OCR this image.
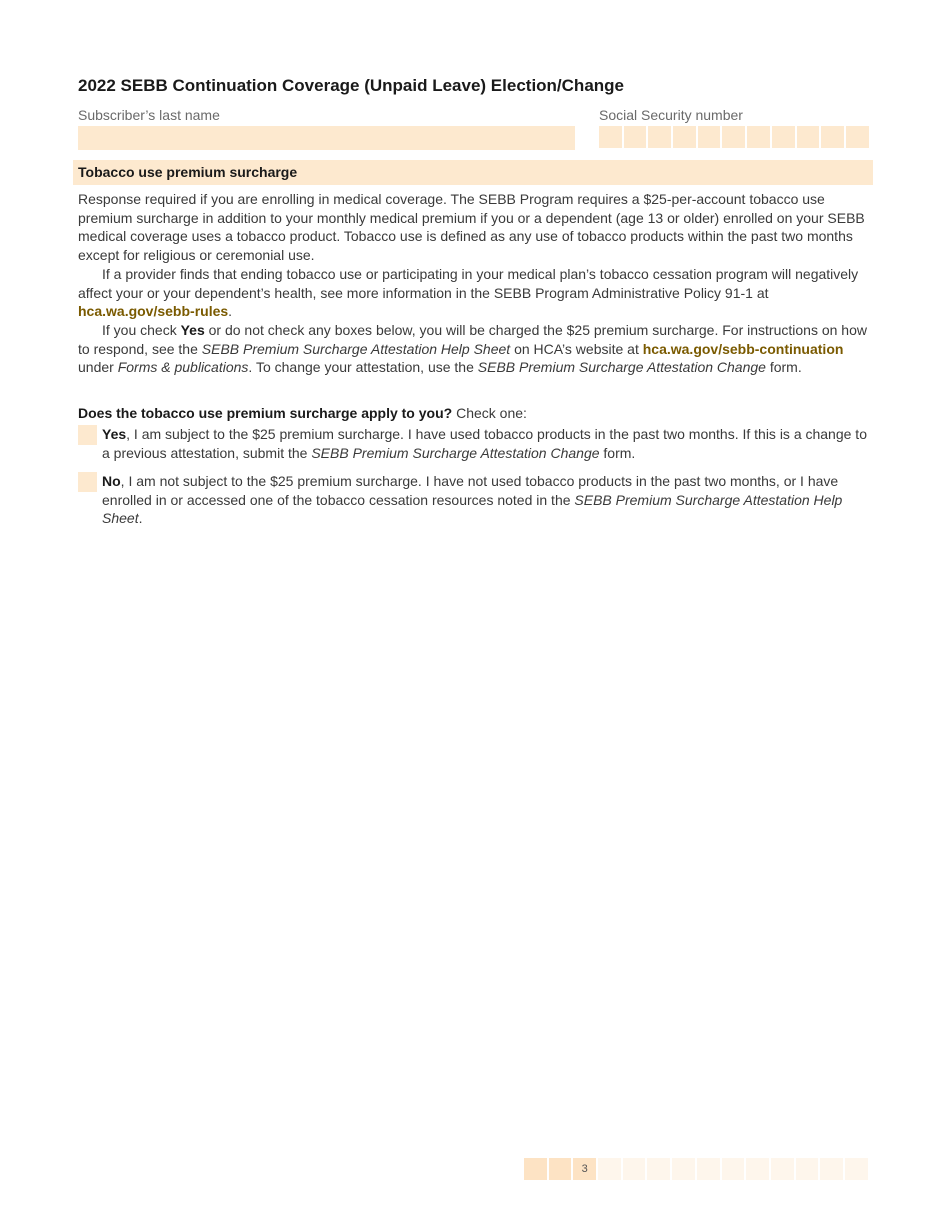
2022 SEBB Continuation Coverage (Unpaid Leave) Election/Change
Subscriber’s last name	Social Security number
Tobacco use premium surcharge

Response required if you are enrolling in medical coverage. The SEBB Program requires a $25-per-account tobacco use premium surcharge in addition to your monthly medical premium if you or a dependent (age 13 or older) enrolled on your SEBB medical coverage uses a tobacco product. Tobacco use is defined as any use of tobacco products within the past two months except for religious or ceremonial use.

If a provider finds that ending tobacco use or participating in your medical plan’s tobacco cessation program will negatively affect your or your dependent’s health, see more information in the SEBB Program Administrative Policy 91-1 at hca.wa.gov/sebb-rules.

If you check Yes or do not check any boxes below, you will be charged the $25 premium surcharge. For instructions on how to respond, see the SEBB Premium Surcharge Attestation Help Sheet on HCA’s website at hca.wa.gov/sebb-continuation under Forms & publications. To change your attestation, use the SEBB Premium Surcharge Attestation Change form.

Does the tobacco use premium surcharge apply to you? Check one:
Yes, I am subject to the $25 premium surcharge. I have used tobacco products in the past two months. If this is a change to a previous attestation, submit the SEBB Premium Surcharge Attestation Change form.
No, I am not subject to the $25 premium surcharge. I have not used tobacco products in the past two months, or I have enrolled in or accessed one of the tobacco cessation resources noted in the SEBB Premium Surcharge Attestation Help Sheet.
3
